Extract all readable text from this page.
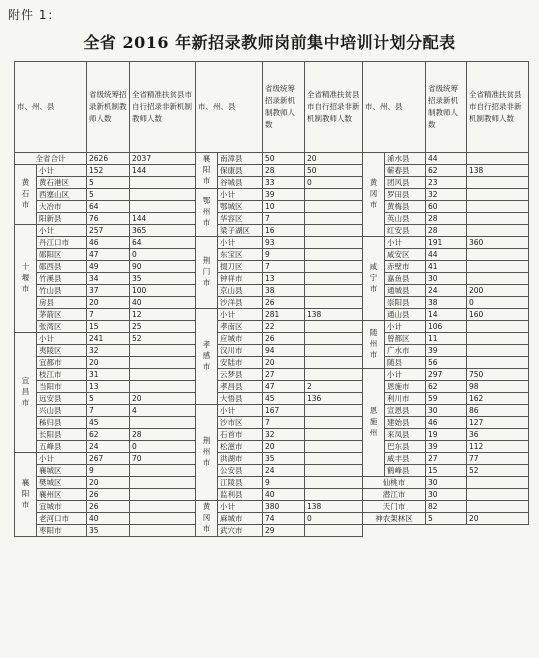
附件 1：
全省 2016 年新招录教师岗前集中培训计划分配表
市、州、县		省级统筹招录新机制教师人数	全省精准扶贫县市自行招录非新机制教师人数
全省合计		2626	2037

黄石市	小计	152	144
	黄石港区	5	
	西塞山区	5	
	大冶市	64	
	阳新县	76	144

十堰市	小计	257	365
	丹江口市	46	64
	郧阳区	47	0
	郧西县	49	90
	竹溪县	34	35
	竹山县	37	100
	房县	20	40
	茅箭区	7	12
	张湾区	15	25

宜昌市	小计	241	52
	夷陵区	32	
	宜都市	20	
	枝江市	31	
	当阳市	13	
	远安县	5	20
	兴山县	7	4
	秭归县	45	
	长阳县	62	28
	五峰县	24	0

襄阳市	小计	267	70
	襄城区	9	
	樊城区	20	
	襄州区	26	
	宜城市	26	
	老河口市	40	
	枣阳市	35	
市、州、县		省级统筹招录新机制教师人数	全省精准扶贫县市自行招录非新机制教师人数

襄阳市	南漳县	50	20
	保康县	28	50
	谷城县	33	0

鄂州市	小计	39	
	鄂城区	10	
	华容区	7	
	梁子湖区	16	

荆门市	小计	93	
	东宝区	9	
	掇刀区	7	
	钟祥市	13	
	京山县	38	
	沙洋县	26	

孝感市	小计	281	138
	孝南区	22	
	应城市	26	
	汉川市	94	
	安陆市	20	
	云梦县	27	
	孝昌县	47	2
	大悟县	45	136

荆州市	小计	167	
	沙市区	7	
	石首市	32	
	松滋市	20	
	洪湖市	35	
	公安县	24	
	江陵县	9	
	监利县	40	

黄冈市	小计	380	138
	麻城市	74	0
	武穴市	29	
市、州、县		省级统筹招录新机制教师人数	全省精准扶贫县市自行招录非新机制教师人数

黄冈市	浠水县	44	
	蕲春县	62	138
	团风县	23	
	罗田县	32	
	黄梅县	60	
	英山县	28	
	红安县	28	

咸宁市	小计	191	360
	咸安区	44	
	赤壁市	41	
	嘉鱼县	30	
	通城县	24	200
	崇阳县	38	0
	通山县	14	160

随州市	小计	106	
	曾都区	11	
	广水市	39	
	随县	56	

恩施州	小计	297	750
	恩施市	62	98
	利川市	59	162
	宣恩县	30	86
	建始县	46	127
	来凤县	19	36
	巴东县	39	112
	咸丰县	27	77
	鹤峰县	15	52
仙桃市		30	
潜江市		30	
天门市		82	
神农架林区		5	20
